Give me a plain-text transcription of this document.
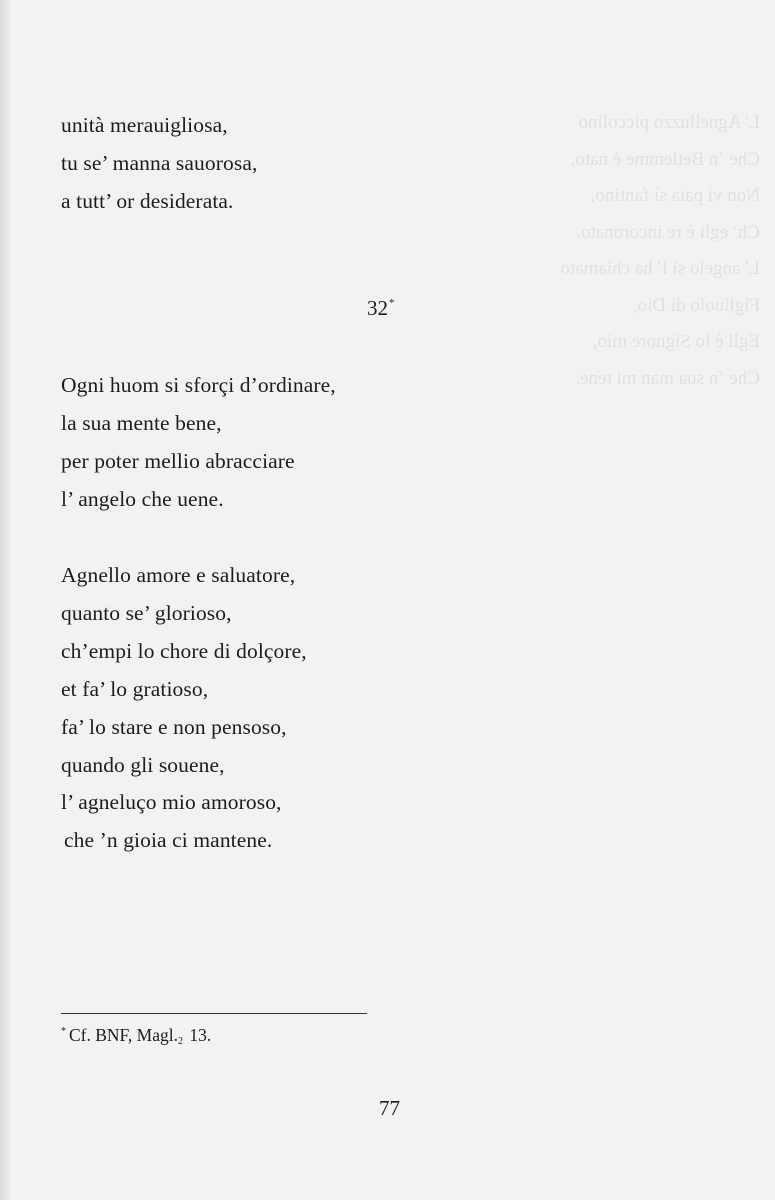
L’ Agnelluzzo piccolino
Che ’n Betlemme è nato,
Non vi paia sì fantino,
Ch’ egli è re incoronato.
L’ angelo sì l’ ha chiamato
Figliuolo di Dio,
Egli è lo Signore mio,
Che ’n sua man mi tene.
unità merauigliosa,
tu se’ manna sauorosa,
a tutt’ or desiderata.
32*
Ogni huom si sforçi d’ordinare,
la sua mente bene,
per poter mellio abracciare
l’ angelo che uene.
Agnello amore e saluatore,
quanto se’ glorioso,
ch’empi lo chore di dolçore,
et fa’ lo gratioso,
fa’ lo stare e non pensoso,
quando gli souene,
l’ agneluço mio amoroso,
che ’n gioia ci mantene.
* Cf. BNF, $Magl._2$ 13.
77
